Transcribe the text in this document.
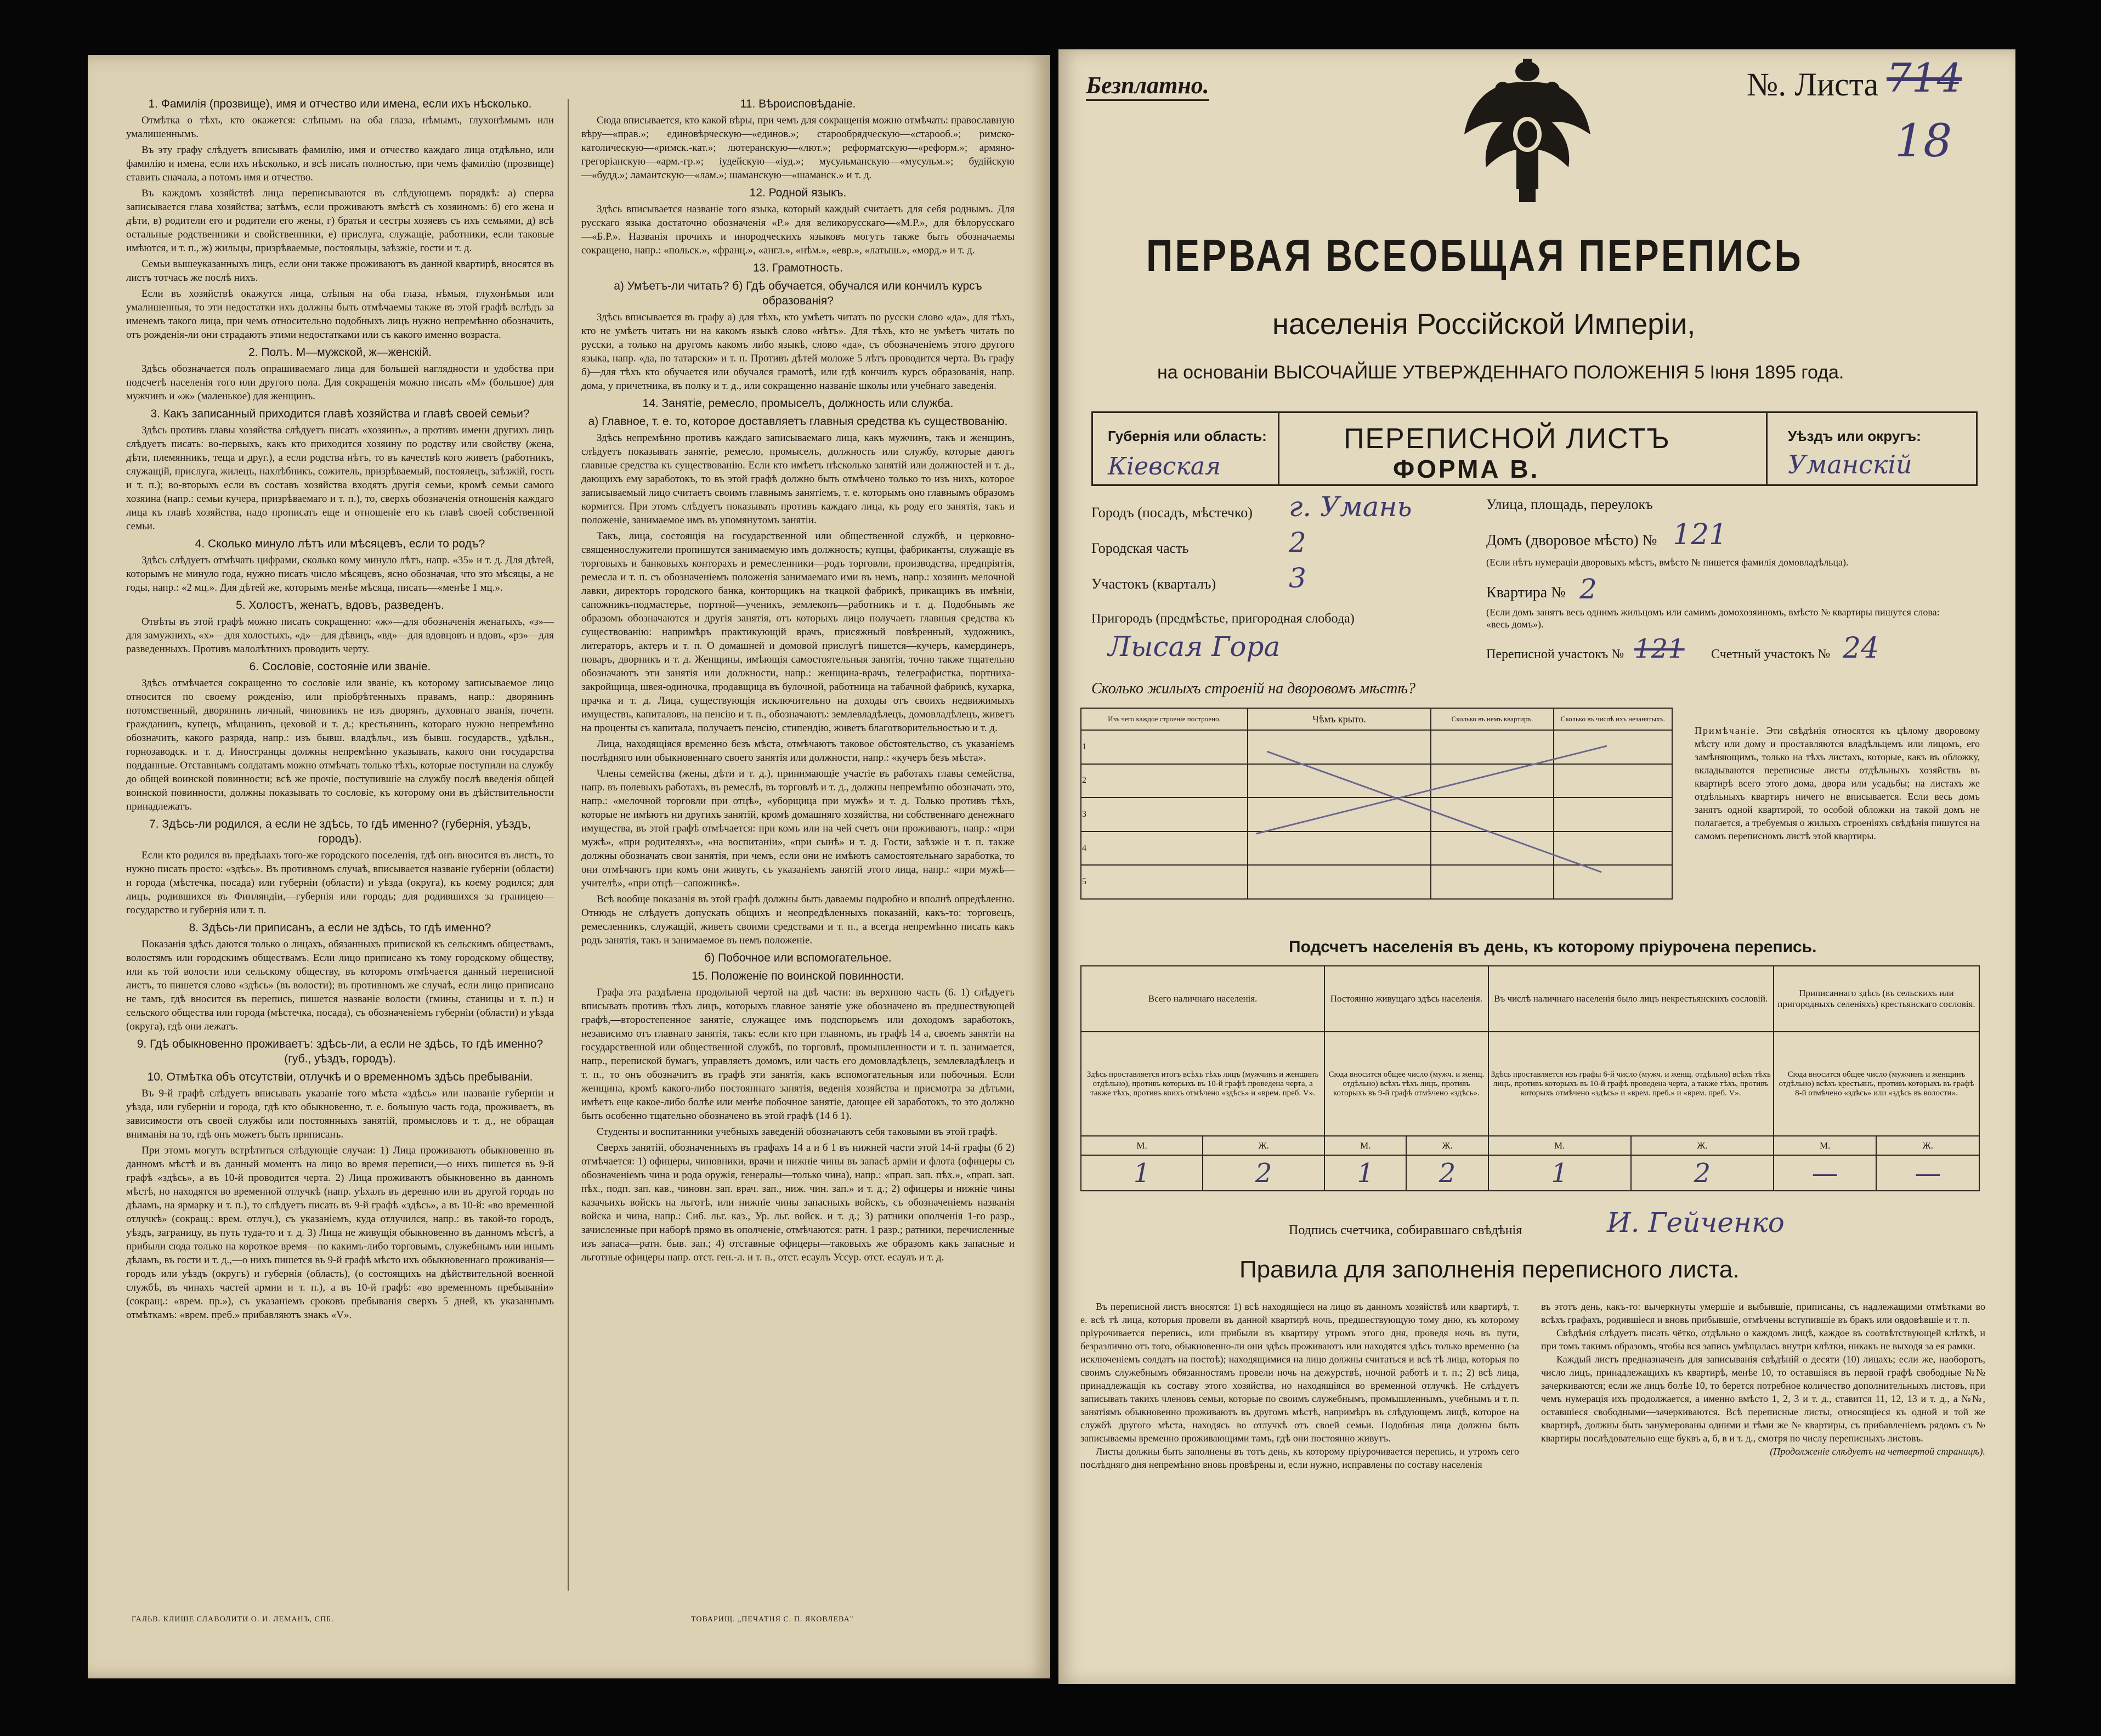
1. Фамилія (прозвище), имя и отчество или имена, если ихъ нѣсколько.

Отмѣтка о тѣхъ, кто окажется: слѣпымъ на оба глаза, нѣмымъ, глухонѣмымъ или умалишеннымъ.

Въ эту графу слѣдуетъ вписывать фамилію, имя и отчество каждаго лица отдѣльно, или фамилію и имена, если ихъ нѣсколько, и всѣ писать полностью, при чемъ фамилію (прозвище) ставить сначала, а потомъ имя и отчество.

Въ каждомъ хозяйствѣ лица переписываются въ слѣдующемъ порядкѣ: а) сперва записывается глава хозяйства; затѣмъ, если проживаютъ вмѣстѣ съ хозяиномъ: б) его жена и дѣти, в) родители его и родители его жены, г) братья и сестры хозяевъ съ ихъ семьями, д) всѣ остальные родственники и свойственники, е) прислуга, служащіе, работники, если таковые имѣются, и т. п., ж) жильцы, призрѣваемые, постояльцы, заѣзжіе, гости и т. д.

Семьи вышеуказанныхъ лицъ, если они также проживаютъ въ данной квартирѣ, вносятся въ листъ тотчасъ же послѣ нихъ.

Если въ хозяйствѣ окажутся лица, слѣпыя на оба глаза, нѣмыя, глухонѣмыя или умалишенныя, то эти недостатки ихъ должны быть отмѣчаемы также въ этой графѣ вслѣдъ за именемъ такого лица, при чемъ относительно подобныхъ лицъ нужно непремѣнно обозначить, отъ рожденія-ли они страдаютъ этими недостатками или съ какого именно возраста.

2. Полъ. М—мужской, ж—женскій.

Здѣсь обозначается полъ опрашиваемаго лица для большей наглядности и удобства при подсчетѣ населенія того или другого пола. Для сокращенія можно писать «М» (большое) для мужчинъ и «ж» (маленькое) для женщинъ.

3. Какъ записанный приходится главѣ хозяйства и главѣ своей семьи?

Здѣсь противъ главы хозяйства слѣдуетъ писать «хозяинъ», а противъ имени другихъ лицъ слѣдуетъ писать: во-первыхъ, какъ кто приходится хозяину по родству или свойству (жена, дѣти, племянникъ, теща и друг.), а если родства нѣтъ, то въ качествѣ кого живетъ (работникъ, служащій, прислуга, жилецъ, нахлѣбникъ, сожитель, призрѣваемый, постоялецъ, заѣзжій, гость и т. п.); во-вторыхъ если въ составъ хозяйства входятъ другія семьи, кромѣ семьи самого хозяина (напр.: семьи кучера, призрѣваемаго и т. п.), то, сверхъ обозначенія отношенія каждаго лица къ главѣ хозяйства, надо прописать еще и отношеніе его къ главѣ своей собственной семьи.

4. Сколько минуло лѣтъ или мѣсяцевъ, если то родъ?

Здѣсь слѣдуетъ отмѣчать цифрами, сколько кому минуло лѣтъ, напр. «35» и т. д. Для дѣтей, которымъ не минуло года, нужно писать число мѣсяцевъ, ясно обозначая, что это мѣсяцы, а не годы, напр.: «2 мц.». Для дѣтей же, которымъ менѣе мѣсяца, писать—«менѣе 1 мц.».

5. Холостъ, женатъ, вдовъ, разведенъ.

Отвѣты въ этой графѣ можно писать сокращенно: «ж»—для обозначенія женатыхъ, «з»—для замужнихъ, «х»—для холостыхъ, «д»—для дѣвицъ, «вд»—для вдовцовъ и вдовъ, «рз»—для разведенныхъ. Противъ малолѣтнихъ проводить черту.

6. Сословіе, состояніе или званіе.

Здѣсь отмѣчается сокращенно то сословіе или званіе, къ которому записываемое лицо относится по своему рожденію, или пріобрѣтенныхъ правамъ, напр.: дворянинъ потомственный, дворянинъ личный, чиновникъ не изъ дворянъ, духовнаго званія, почетн. гражданинъ, купецъ, мѣщанинъ, цеховой и т. д.; крестьянинъ, котораго нужно непремѣнно обозначить, какого разряда, напр.: изъ бывш. владѣльч., изъ бывш. государств., удѣльн., горнозаводск. и т. д. Иностранцы должны непремѣнно указывать, какого они государства подданные. Отставнымъ солдатамъ можно отмѣчать только тѣхъ, которые поступили на службу до общей воинской повинности; всѣ же прочіе, поступившіе на службу послѣ введенія общей воинской повинности, должны показывать то сословіе, къ которому они въ дѣйствительности принадлежатъ.

7. Здѣсь-ли родился, а если не здѣсь, то гдѣ именно? (губернія, уѣздъ, городъ).

Если кто родился въ предѣлахъ того-же городского поселенія, гдѣ онъ вносится въ листъ, то нужно писать просто: «здѣсь». Въ противномъ случаѣ, вписывается названіе губерніи (области) и города (мѣстечка, посада) или губерніи (области) и уѣзда (округа), къ коему родился; для лицъ, родившихся въ Финляндіи,—губернія или городъ; для родившихся за границею—государство и губернія или т. п.

8. Здѣсь-ли приписанъ, а если не здѣсь, то гдѣ именно?

Показанія здѣсь даются только о лицахъ, обязанныхъ припиской къ сельскимъ обществамъ, волостямъ или городскимъ обществамъ. Если лицо приписано къ тому городскому обществу, или къ той волости или сельскому обществу, въ которомъ отмѣчается данный переписной листъ, то пишется слово «здѣсь» (въ волости); въ противномъ же случаѣ, если лицо приписано не тамъ, гдѣ вносится въ перепись, пишется названіе волости (гмины, станицы и т. п.) и сельского общества или города (мѣстечка, посада), съ обозначеніемъ губерніи (области) и уѣзда (округа), гдѣ они лежатъ.

9. Гдѣ обыкновенно проживаетъ: здѣсь-ли, а если не здѣсь, то гдѣ именно? (губ., уѣздъ, городъ).
10. Отмѣтка объ отсутствіи, отлучкѣ и о временномъ здѣсь пребываніи.

Въ 9-й графѣ слѣдуетъ вписывать указаніе того мѣста «здѣсь» или названіе губерніи и уѣзда, или губерніи и города, гдѣ кто обыкновенно, т. е. большую часть года, проживаетъ, въ зависимости отъ своей службы или постоянныхъ занятій, промысловъ и т. д., не обращая вниманія на то, гдѣ онъ можетъ быть приписанъ.

При этомъ могутъ встрѣтиться слѣдующіе случаи: 1) Лица проживаютъ обыкновенно въ данномъ мѣстѣ и въ данный моментъ на лицо во время переписи,—о нихъ пишется въ 9-й графѣ «здѣсь», а въ 10-й проводится черта. 2) Лица проживаютъ обыкновенно въ данномъ мѣстѣ, но находятся во временной отлучкѣ (напр. уѣхалъ въ деревню или въ другой городъ по дѣламъ, на ярмарку и т. п.), то слѣдуетъ писать въ 9-й графѣ «здѣсь», а въ 10-й: «во временной отлучкѣ» (сокращ.: врем. отлуч.), съ указаніемъ, куда отлучился, напр.: въ такой-то городъ, уѣздъ, заграницу, въ путь туда-то и т. д. 3) Лица не живущія обыкновенно въ данномъ мѣстѣ, а прибыли сюда только на короткое время—по какимъ-либо торговымъ, служебнымъ или инымъ дѣламъ, въ гости и т. д.,—о нихъ пишется въ 9-й графѣ мѣсто ихъ обыкновеннаго проживанія—городъ или уѣздъ (округъ) и губернія (область), (о состоящихъ на дѣйствительной военной службѣ, въ чинахъ частей армии и т. п.), а въ 10-й графѣ: «во временномъ пребываніи» (сокращ.: «врем. пр.»), съ указаніемъ сроковъ пребыванія сверхъ 5 дней, къ указаннымъ отмѣткамъ: «врем. преб.» прибавляютъ знакъ «V».

11. Вѣроисповѣданіе.

Сюда вписывается, кто какой вѣры, при чемъ для сокращенія можно отмѣчать: православную вѣру—«прав.»; единовѣрческую—«единов.»; старообрядческую—«старооб.»; римско-католическую—«римск.-кат.»; лютеранскую—«лют.»; реформатскую—«реформ.»; армяно-грегоріанскую—«арм.-гр.»; іудейскую—«іуд.»; мусульманскую—«мусульм.»; будійскую—«будд.»; ламаитскую—«лам.»; шаманскую—«шаманск.» и т. д.

12. Родной языкъ.

Здѣсь вписывается названіе того языка, который каждый считаетъ для себя роднымъ. Для русскаго языка достаточно обозначенія «Р.» для великорусскаго—«М.Р.», для бѣлорусскаго—«Б.Р.». Названія прочихъ и инородческихъ языковъ могутъ также быть обозначаемы сокращено, напр.: «польск.», «франц.», «англ.», «нѣм.», «евр.», «латыш.», «морд.» и т. д.

13. Грамотность.
а) Умѣетъ-ли читать? б) Гдѣ обучается, обучался или кончилъ курсъ образованія?

Здѣсь вписывается въ графу а) для тѣхъ, кто умѣетъ читать по русски слово «да», для тѣхъ, кто не умѣетъ читать ни на какомъ языкѣ слово «нѣтъ». Для тѣхъ, кто не умѣетъ читать по русски, а только на другомъ какомъ либо языкѣ, слово «да», съ обозначеніемъ этого другого языка, напр. «да, по татарски» и т. п. Противъ дѣтей моложе 5 лѣтъ проводится черта. Въ графу б)—для тѣхъ кто обучается или обучался грамотѣ, или гдѣ кончилъ курсъ образованія, напр. дома, у причетника, въ полку и т. д., или сокращенно названіе школы или учебнаго заведенія.

14. Занятіе, ремесло, промыселъ, должность или служба.
а) Главное, т. е. то, которое доставляетъ главныя средства къ существованію.

Здѣсь непремѣнно противъ каждаго записываемаго лица, какъ мужчинъ, такъ и женщинъ, слѣдуетъ показывать занятіе, ремесло, промыселъ, должность или службу, которые даютъ главные средства къ существованію. Если кто имѣетъ нѣсколько занятій или должностей и т. д., дающихъ ему заработокъ, то въ этой графѣ должно быть отмѣчено только то изъ нихъ, которое записываемый лицо считаетъ своимъ главнымъ занятіемъ, т. е. которымъ оно главнымъ образомъ кормится. При этомъ слѣдуетъ показывать противъ каждаго лица, къ роду его занятія, такъ и положеніе, занимаемое имъ въ упомянутомъ занятіи.

Такъ, лица, состоящія на государственной или общественной службѣ, и церковно-священнослужители пропишутся занимаемую имъ должность; купцы, фабриканты, служащіе въ торговыхъ и банковыхъ конторахъ и ремесленники—родъ торговли, производства, предпріятія, ремесла и т. п. съ обозначеніемъ положенія занимаемаго ими въ немъ, напр.: хозяинъ мелочной лавки, директоръ городского банка, конторщикъ на ткацкой фабрикѣ, прикащикъ въ имѣніи, сапожникъ-подмастерье, портной—ученикъ, землекопъ—работникъ и т. д. Подобнымъ же образомъ обозначаются и другія занятія, отъ которыхъ лицо получаетъ главныя средства къ существованію: напримѣръ практикующій врачъ, присяжный повѣренный, художникъ, литераторъ, актеръ и т. п. О домашней и домовой прислугѣ пишется—кучеръ, камердинеръ, поваръ, дворникъ и т. д. Женщины, имѣющія самостоятельныя занятія, точно также тщательно обозначаютъ эти занятія или должности, напр.: женщина-врачъ, телеграфистка, портниха-закройщица, швея-одиночка, продавщица въ булочной, работница на табачной фабрикѣ, кухарка, прачка и т. д. Лица, существующія исключительно на доходы отъ своихъ недвижимыхъ имуществъ, капиталовъ, на пенсію и т. п., обозначаютъ: землевладѣлецъ, домовладѣлецъ, живетъ на проценты съ капитала, получаетъ пенсію, стипендію, живетъ благотворительностью и т. д.

Лица, находящіяся временно безъ мѣста, отмѣчаютъ таковое обстоятельство, съ указаніемъ послѣдняго или обыкновеннаго своего занятія или должности, напр.: «кучеръ безъ мѣста».

Члены семейства (жены, дѣти и т. д.), принимающіе участіе въ работахъ главы семейства, напр. въ полевыхъ работахъ, въ ремеслѣ, въ торговлѣ и т. д., должны непремѣнно обозначать это, напр.: «мелочной торговли при отцѣ», «уборщица при мужѣ» и т. д. Только противъ тѣхъ, которые не имѣютъ ни другихъ занятій, кромѣ домашняго хозяйства, ни собственнаго денежнаго имущества, въ этой графѣ отмѣчается: при комъ или на чей счетъ они проживаютъ, напр.: «при мужѣ», «при родителяхъ», «на воспитаніи», «при сынѣ» и т. д. Гости, заѣзжіе и т. п. также должны обозначать свои занятія, при чемъ, если они не имѣютъ самостоятельнаго заработка, то они отмѣчаютъ при комъ они живутъ, съ указаніемъ занятій этого лица, напр.: «при мужѣ—учителѣ», «при отцѣ—сапожникѣ».

Всѣ вообще показанія въ этой графѣ должны быть даваемы подробно и вполнѣ опредѣленно. Отнюдь не слѣдуетъ допускать общихъ и неопредѣленныхъ показаній, какъ-то: торговецъ, ремесленникъ, служащій, живетъ своими средствами и т. п., а всегда непремѣнно писать какъ родъ занятія, такъ и занимаемое въ немъ положеніе.

б) Побочное или вспомогательное.
15. Положеніе по воинской повинности.

Графа эта раздѣлена продольной чертой на двѣ части: въ верхнюю часть (6. 1) слѣдуетъ вписывать противъ тѣхъ лицъ, которыхъ главное занятіе уже обозначено въ предшествующей графѣ,—второстепенное занятіе, служащее имъ подспорьемъ или доходомъ заработокъ, независимо отъ главнаго занятія, такъ: если кто при главномъ, въ графѣ 14 а, своемъ занятіи на государственной или общественной службѣ, по торговлѣ, промышленности и т. п. занимается, напр., перепиской бумагъ, управляетъ домомъ, или часть его домовладѣлецъ, землевладѣлецъ и т. п., то онъ обозначитъ въ графѣ эти занятія, какъ вспомогательныя или побочныя. Если женщина, кромѣ какого-либо постояннаго занятія, веденія хозяйства и присмотра за дѣтьми, имѣетъ еще какое-либо болѣе или менѣе побочное занятіе, дающее ей заработокъ, то это должно быть особенно тщательно обозначено въ этой графѣ (14 б 1).

Студенты и воспитанники учебныхъ заведеній обозначаютъ себя таковыми въ этой графѣ.

Сверхъ занятій, обозначенныхъ въ графахъ 14 а и б 1 въ нижней части этой 14-й графы (б 2) отмѣчается: 1) офицеры, чиновники, врачи и нижніе чины въ запасѣ арміи и флота (офицеры съ обозначеніемъ чина и рода оружія, генералы—только чина), напр.: «прап. зап. пѣх.», «прап. зап. пѣх., подп. зап. кав., чиновн. зап. врач. зап., ниж. чин. зап.» и т. д.; 2) офицеры и нижніе чины казачьихъ войскъ на льготѣ, или нижніе чины запасныхъ войскъ, съ обозначеніемъ названія войска и чина, напр.: Сиб. льг. каз., Ур. льг. войск. и т. д.; 3) ратники ополченія 1-го разр., зачисленные при наборѣ прямо въ ополченіе, отмѣчаются: ратн. 1 разр.; ратники, перечисленные изъ запаса—ратн. быв. зап.; 4) отставные офицеры—таковыхъ же образомъ какъ запасные и льготные офицеры напр. отст. ген.-л. и т. п., отст. есаулъ Уссур. отст. есаулъ и т. д.

ГАЛЬВ. КЛИШЕ СЛАВОЛИТИ О. И. ЛЕМАНЪ, СПБ.	ТОВАРИЩ. „ПЕЧАТНЯ С. П. ЯКОВЛЕВА"
Безплатно.	№. Листа 714
18
ПЕРВАЯ ВСЕОБЩАЯ ПЕРЕПИСЬ
населенія Россійской Имперіи,
на основаніи ВЫСОЧАЙШЕ УТВЕРЖДЕННАГО ПОЛОЖЕНІЯ 5 Іюня 1895 года.
Губернія или область:
Кіевская
ПЕРЕПИСНОЙ ЛИСТЪ
ФОРМА В.
Уѣздъ или округъ:
Уманскій
Городъ (посадъ, мѣстечко) г. Умань
Городская часть	2
Участокъ (кварталъ)	3
Пригородъ (предмѣстье, пригородная слобода)
Лысая Гора
Улица, площадь, переулокъ
Домъ (дворовое мѣсто) № 121
(Если нѣтъ нумераціи дворовыхъ мѣстъ, вмѣсто № пишется фамилія домовладѣльца).
Квартира № 2
(Если домъ занятъ весь однимъ жильцомъ или самимъ домохозяиномъ, вмѣсто № квартиры пишутся слова: «весь домъ»).
Переписной участокъ № 121 Счетный участокъ № 24
Сколько жилыхъ строеній на дворовомъ мѣстѣ?
Изъ чего каждое строеніе построено.	Чѣмъ крыто.	Сколько въ немъ квартиръ.	Сколько въ числѣ ихъ незанятыхъ.
1			
2			
3			
4			
5			
Примѣчаніе. Эти свѣдѣнія относятся къ цѣлому дворовому мѣсту или дому и проставляются владѣльцемъ или лицомъ, его замѣняющимъ, только на тѣхъ листахъ, которые, какъ въ обложку, вкладываются переписные листы отдѣльныхъ хозяйствъ въ квартирѣ всего этого дома, двора или усадьбы; на листахъ же отдѣльныхъ квартиръ ничего не вписывается. Если весь домъ занятъ одной квартирой, то особой обложки на такой домъ не полагается, а требуемыя о жилыхъ строеніяхъ свѣдѣнія пишутся на самомъ переписномъ листѣ этой квартиры.
Подсчетъ населенія въ день, къ которому пріурочена перепись.
Всего наличнаго населенія.		Постоянно живущаго здѣсь населенія.		Въ числѣ наличнаго населенія было лицъ некрестьянскихъ сословій.		Приписаннаго здѣсь (въ сельскихъ или пригородныхъ селеніяхъ) крестьянскаго сословія.	
Здѣсь проставляется итогъ всѣхъ тѣхъ лицъ (мужчинъ и женщинъ отдѣльно), противъ которыхъ въ 10-й графѣ проведена черта, а также тѣхъ, противъ коихъ отмѣчено «здѣсь» и «врем. преб. V».		Сюда вносится общее число (мужч. и женщ. отдѣльно) всѣхъ тѣхъ лицъ, противъ которыхъ въ 9-й графѣ отмѣчено «здѣсь».		Здѣсь проставляется изъ графы 6-й число (мужч. и женщ. отдѣльно) всѣхъ тѣхъ лицъ, противъ которыхъ въ 10-й графѣ проведена черта, а также тѣхъ, противъ которыхъ отмѣчено «здѣсь» и «врем. преб.» и «врем. преб. V».		Сюда вносится общее число (мужчинъ и женщинъ отдѣльно) всѣхъ крестьянъ, противъ которыхъ въ графѣ 8-й отмѣчено «здѣсь» или «здѣсь въ волости».	
М.	Ж.	М.	Ж.	М.	Ж.	М.	Ж.
1	2	1	2	1	2	—	—
Подпись счетчика, собиравшаго свѣдѣнія	И. Гейченко
Правила для заполненія переписного листа.

Въ переписной листъ вносятся: 1) всѣ находящіеся на лицо въ данномъ хозяйствѣ или квартирѣ, т. е. всѣ тѣ лица, которыя провели въ данной квартирѣ ночь, предшествующую тому дню, къ которому пріурочивается перепись, или прибыли въ квартиру утромъ этого дня, проведя ночь въ пути, безразлично отъ того, обыкновенно-ли они здѣсь проживаютъ или находятся здѣсь только временно (за исключеніемъ солдатъ на постоѣ); находящимися на лицо должны считаться и всѣ тѣ лица, которыя по своимъ служебнымъ обязанностямъ провели ночь на дежурствѣ, ночной работѣ и т. п.; 2) всѣ лица, принадлежащія къ составу этого хозяйства, но находящіяся во временной отлучкѣ. Не слѣдуетъ записывать такихъ членовъ семьи, которые по своимъ служебнымъ, промышленнымъ, учебнымъ и т. п. занятіямъ обыкновенно проживаютъ въ другомъ мѣстѣ, напримѣръ въ слѣдующемъ лицѣ, которое на службѣ другого мѣста, находясь во отлучкѣ отъ своей семьи. Подобныя лица должны быть записываемы временно проживающими тамъ, гдѣ они постоянно живутъ.

Листы должны быть заполнены въ тотъ день, къ которому пріурочивается перепись, и утромъ сего послѣдняго дня непремѣнно вновь провѣрены и, если нужно, исправлены по составу населенія

въ этотъ день, какъ-то: вычеркнуты умершіе и выбывшіе, приписаны, съ надлежащими отмѣтками во всѣхъ графахъ, родившіеся и вновь прибывшіе, отмѣчены вступившіе въ бракъ или овдовѣвшіе и т. п.

Свѣдѣнія слѣдуетъ писать чётко, отдѣльно о каждомъ лицѣ, каждое въ соотвѣтствующей клѣткѣ, и при томъ такимъ образомъ, чтобы вся запись умѣщалась внутри клѣтки, никакъ не выходя за ея рамки.

Каждый листъ предназначенъ для записыванія свѣдѣній о десяти (10) лицахъ; если же, наоборотъ, число лицъ, принадлежащихъ къ квартирѣ, менѣе 10, то оставшіяся въ первой графѣ свободные №№ зачеркиваются; если же лицъ болѣе 10, то берется потребное количество дополнительныхъ листовъ, при чемъ нумерація ихъ продолжается, а именно вмѣсто 1, 2, 3 и т. д., ставится 11, 12, 13 и т. д., а №№, оставшіеся свободными—зачеркиваются. Всѣ переписные листы, относящіеся къ одной и той же квартирѣ, должны быть занумерованы одними и тѣми же № квартиры, съ прибавленіемъ рядомъ съ № квартиры послѣдовательно еще буквъ а, б, в и т. д., смотря по числу переписныхъ листовъ.

(Продолженіе слѣдуетъ на четвертой страницѣ).
